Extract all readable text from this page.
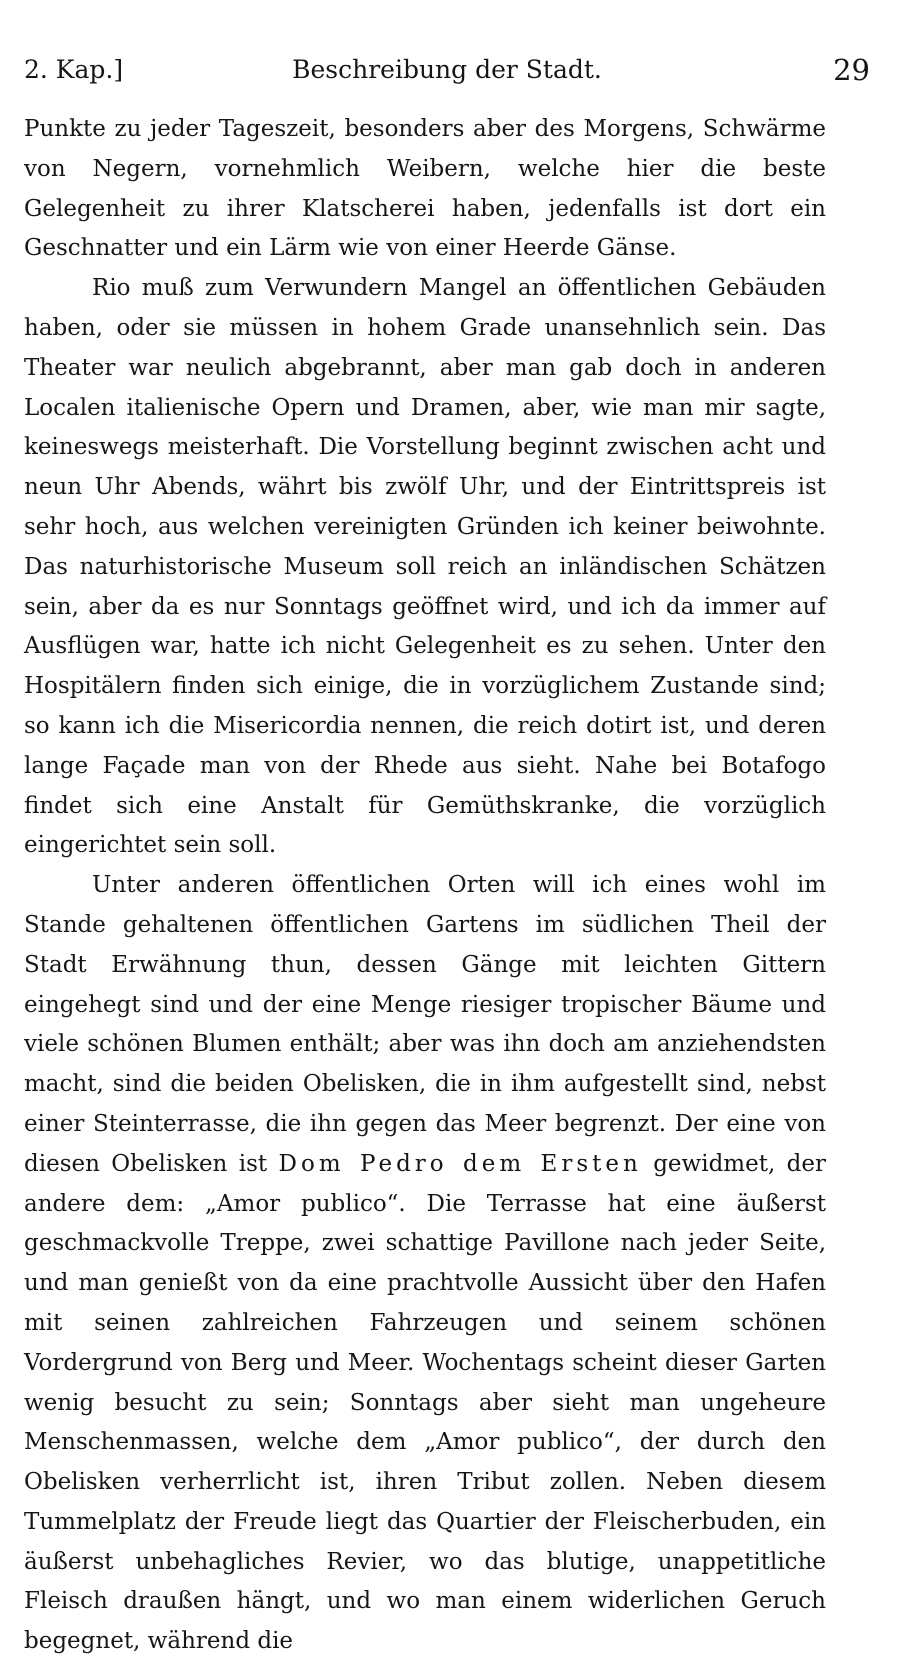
2. Kap.]	Beschreibung der Stadt.	29

Punkte zu jeder Tageszeit, besonders aber des Morgens, Schwärme von Negern, vornehmlich Weibern, welche hier die beste Gelegenheit zu ihrer Klatscherei haben, jedenfalls ist dort ein Geschnatter und ein Lärm wie von einer Heerde Gänse.

Rio muß zum Verwundern Mangel an öffentlichen Gebäuden haben, oder sie müssen in hohem Grade unansehnlich sein. Das Theater war neulich abgebrannt, aber man gab doch in anderen Localen italienische Opern und Dramen, aber, wie man mir sagte, keineswegs meisterhaft. Die Vorstellung beginnt zwischen acht und neun Uhr Abends, währt bis zwölf Uhr, und der Eintrittspreis ist sehr hoch, aus welchen vereinigten Gründen ich keiner beiwohnte. Das naturhistorische Museum soll reich an inländischen Schätzen sein, aber da es nur Sonntags geöffnet wird, und ich da immer auf Ausflügen war, hatte ich nicht Gelegenheit es zu sehen. Unter den Hospitälern finden sich einige, die in vorzüglichem Zustande sind; so kann ich die Misericordia nennen, die reich dotirt ist, und deren lange Façade man von der Rhede aus sieht. Nahe bei Botafogo findet sich eine Anstalt für Gemüthskranke, die vorzüglich eingerichtet sein soll.

Unter anderen öffentlichen Orten will ich eines wohl im Stande gehaltenen öffentlichen Gartens im südlichen Theil der Stadt Erwähnung thun, dessen Gänge mit leichten Gittern eingehegt sind und der eine Menge riesiger tropischer Bäume und viele schönen Blumen enthält; aber was ihn doch am anziehendsten macht, sind die beiden Obelisken, die in ihm aufgestellt sind, nebst einer Steinterrasse, die ihn gegen das Meer begrenzt. Der eine von diesen Obelisken ist Dom Pedro dem Ersten gewidmet, der andere dem: „Amor publico“. Die Terrasse hat eine äußerst geschmackvolle Treppe, zwei schattige Pavillone nach jeder Seite, und man genießt von da eine prachtvolle Aussicht über den Hafen mit seinen zahlreichen Fahrzeugen und seinem schönen Vordergrund von Berg und Meer. Wochentags scheint dieser Garten wenig besucht zu sein; Sonntags aber sieht man ungeheure Menschenmassen, welche dem „Amor publico“, der durch den Obelisken verherrlicht ist, ihren Tribut zollen. Neben diesem Tummelplatz der Freude liegt das Quartier der Fleischerbuden, ein äußerst unbehagliches Revier, wo das blutige, unappetitliche Fleisch draußen hängt, und wo man einem widerlichen Geruch begegnet, während die
